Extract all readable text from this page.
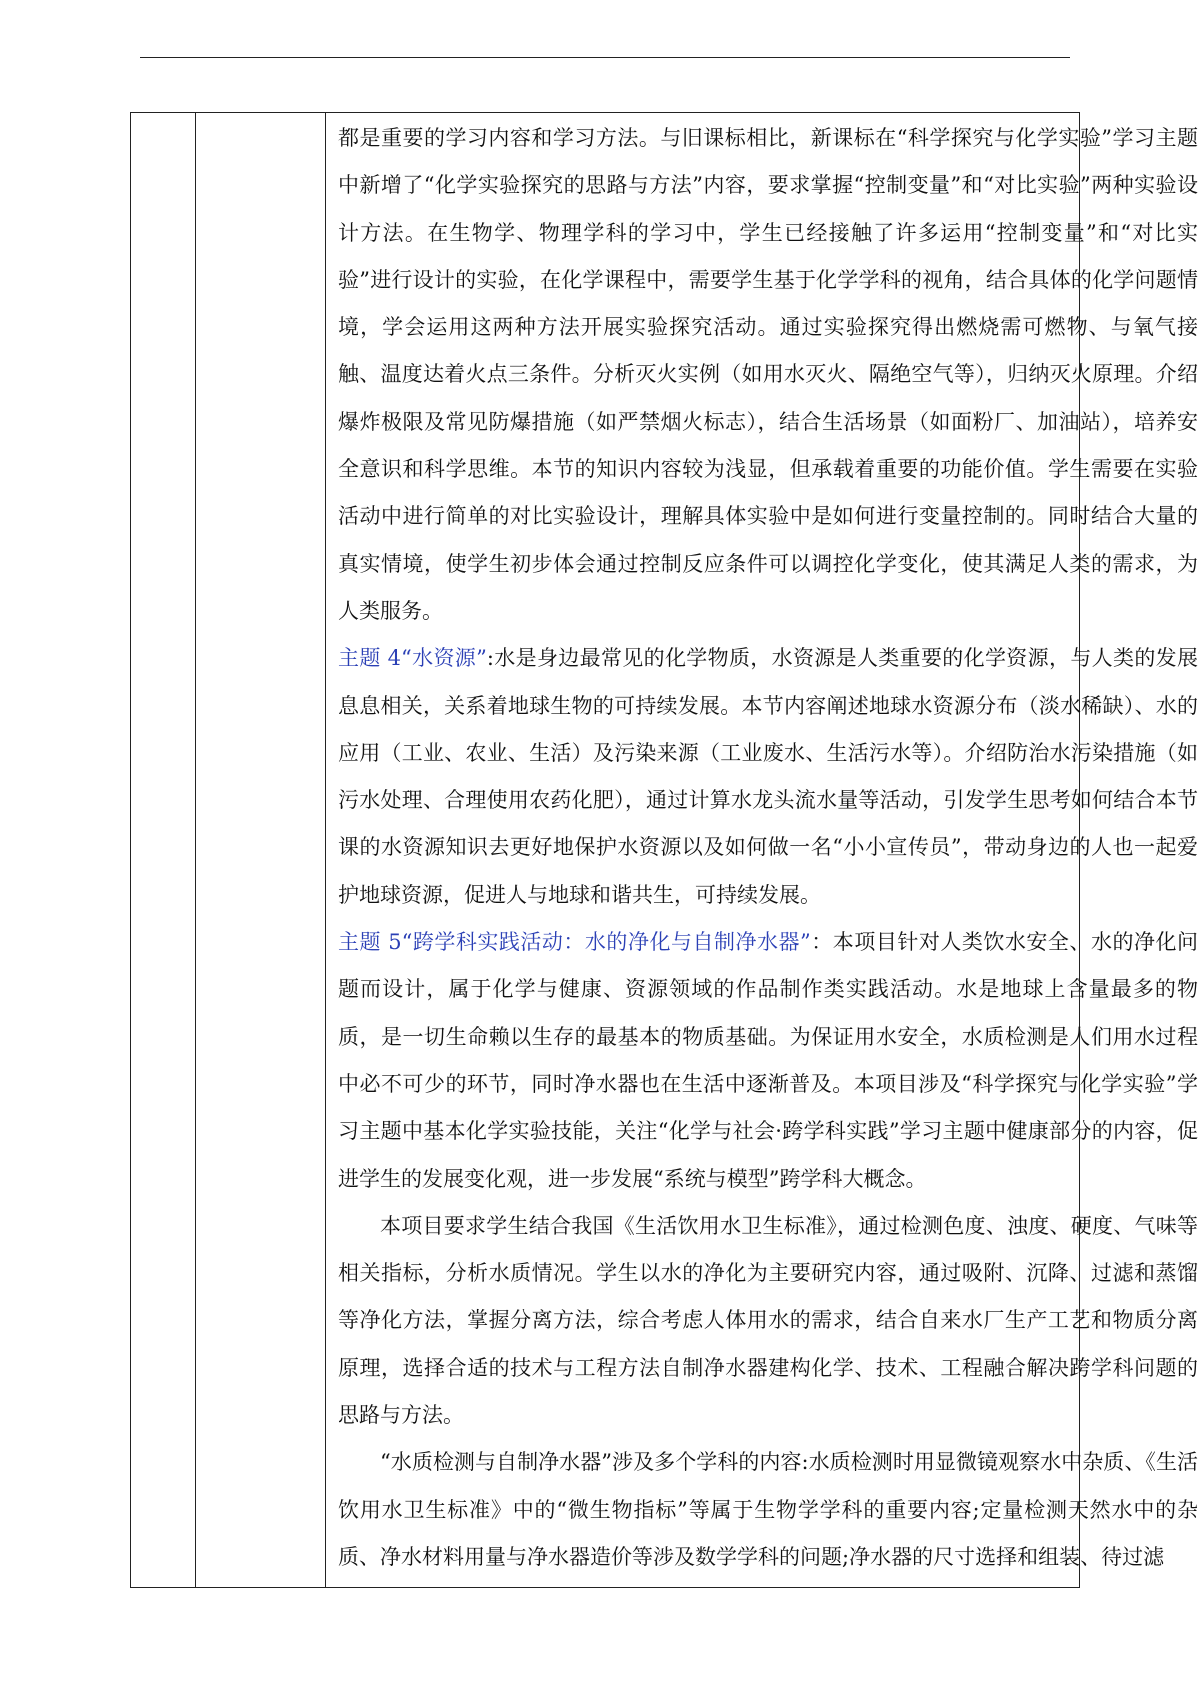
都是重要的学习内容和学习方法。与旧课标相比，新课标在“科学探究与化学实验”学习主题中新增了“化学实验探究的思路与方法”内容，要求掌握“控制变量”和“对比实验”两种实验设计方法。在生物学、物理学科的学习中，学生已经接触了许多运用“控制变量”和“对比实验”进行设计的实验，在化学课程中，需要学生基于化学学科的视角，结合具体的化学问题情境，学会运用这两种方法开展实验探究活动。通过实验探究得出燃烧需可燃物、与氧气接触、温度达着火点三条件。分析灭火实例（如用水灭火、隔绝空气等），归纳灭火原理。介绍爆炸极限及常见防爆措施（如严禁烟火标志），结合生活场景（如面粉厂、加油站），培养安全意识和科学思维。本节的知识内容较为浅显，但承载着重要的功能价值。学生需要在实验活动中进行简单的对比实验设计，理解具体实验中是如何进行变量控制的。同时结合大量的真实情境，使学生初步体会通过控制反应条件可以调控化学变化，使其满足人类的需求，为人类服务。

主题 4“水资源”:水是身边最常见的化学物质，水资源是人类重要的化学资源，与人类的发展息息相关，关系着地球生物的可持续发展。本节内容阐述地球水资源分布（淡水稀缺）、水的应用（工业、农业、生活）及污染来源（工业废水、生活污水等）。介绍防治水污染措施（如污水处理、合理使用农药化肥），通过计算水龙头流水量等活动，引发学生思考如何结合本节课的水资源知识去更好地保护水资源以及如何做一名“小小宣传员”，带动身边的人也一起爱护地球资源，促进人与地球和谐共生，可持续发展。

主题 5“跨学科实践活动：水的净化与自制净水器”：本项目针对人类饮水安全、水的净化问题而设计，属于化学与健康、资源领域的作品制作类实践活动。水是地球上含量最多的物质，是一切生命赖以生存的最基本的物质基础。为保证用水安全，水质检测是人们用水过程中必不可少的环节，同时净水器也在生活中逐渐普及。本项目涉及“科学探究与化学实验”学习主题中基本化学实验技能，关注“化学与社会·跨学科实践”学习主题中健康部分的内容，促进学生的发展变化观，进一步发展“系统与模型”跨学科大概念。

本项目要求学生结合我国《生活饮用水卫生标准》，通过检测色度、浊度、硬度、气味等相关指标，分析水质情况。学生以水的净化为主要研究内容，通过吸附、沉降、过滤和蒸馏等净化方法，掌握分离方法，综合考虑人体用水的需求，结合自来水厂生产工艺和物质分离原理，选择合适的技术与工程方法自制净水器建构化学、技术、工程融合解决跨学科问题的思路与方法。

“水质检测与自制净水器”涉及多个学科的内容:水质检测时用显微镜观察水中杂质、《生活饮用水卫生标准》中的“微生物指标”等属于生物学学科的重要内容;定量检测天然水中的杂质、净水材料用量与净水器造价等涉及数学学科的问题;净水器的尺寸选择和组装、待过滤
